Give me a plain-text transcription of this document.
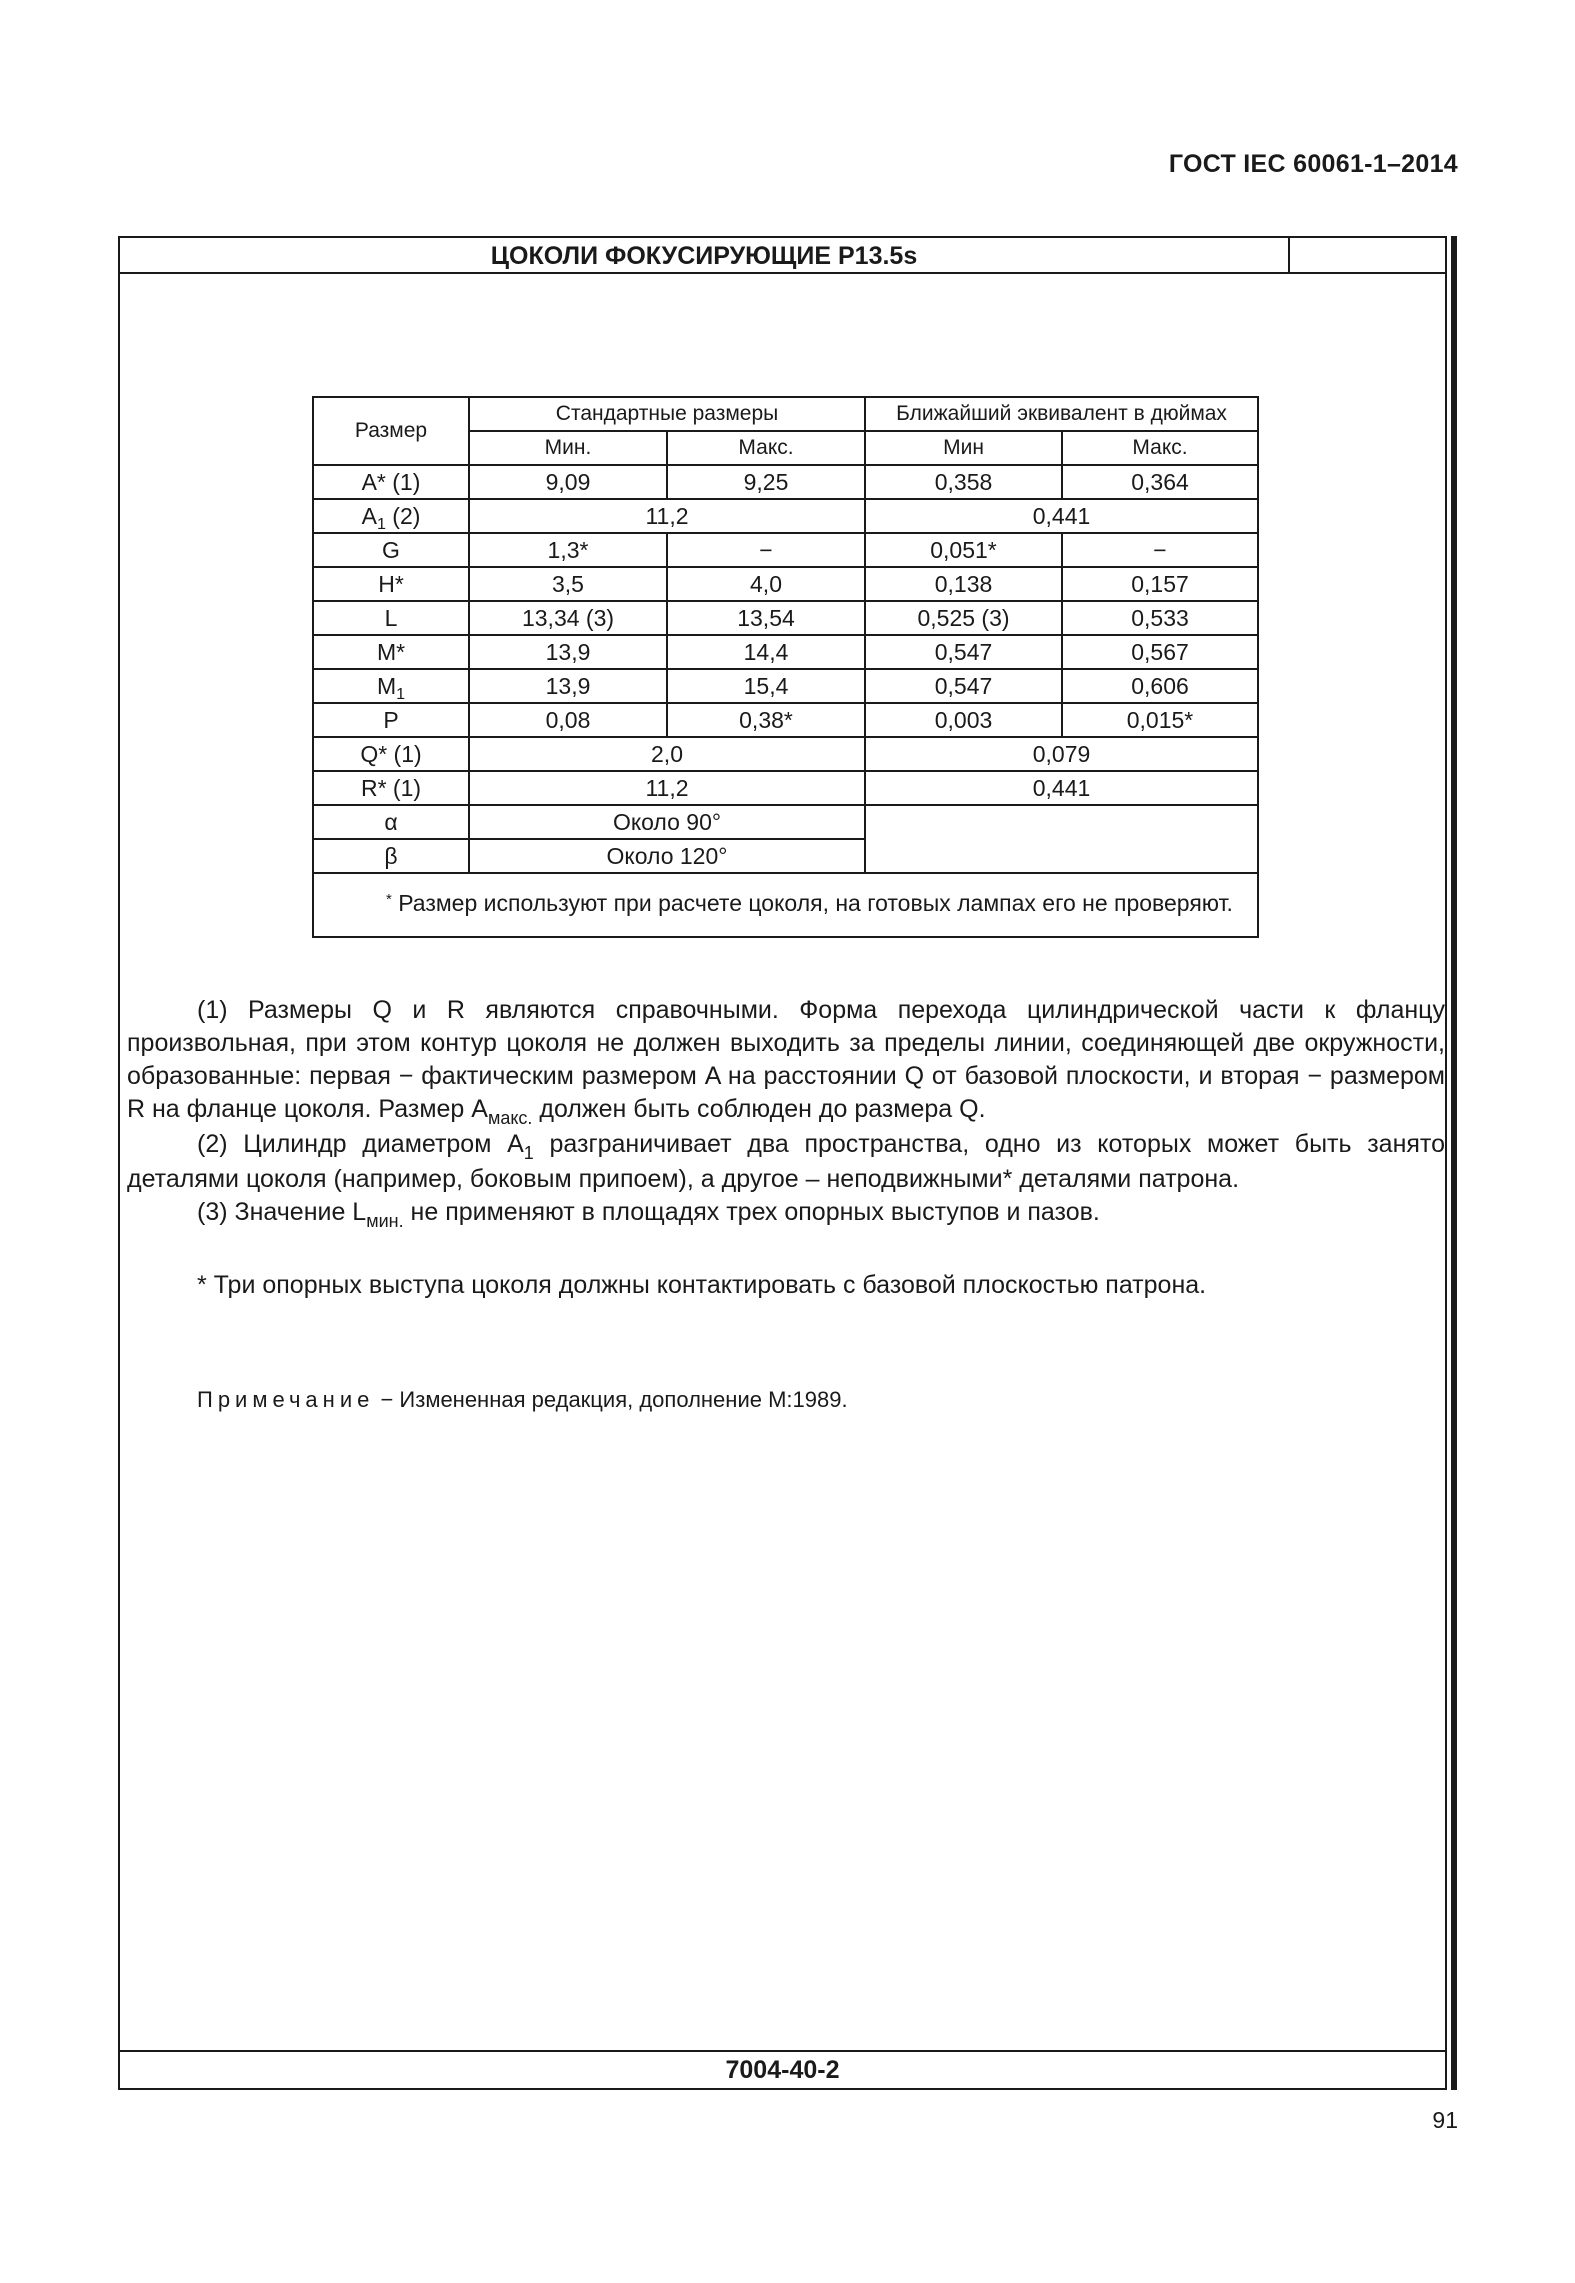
ГОСТ IEC 60061-1–2014
ЦОКОЛИ ФОКУСИРУЮЩИЕ P13.5s
7004-40-2
Размер	Стандартные размеры		Ближайший эквивалент в дюймах	
	Мин.	Макс.	Мин	Макс.
A* (1)	9,09	9,25	0,358	0,364
$A_1$ (2)	11,2		0,441	
G	1,3*	−	0,051*	−
H*	3,5	4,0	0,138	0,157
L	13,34 (3)	13,54	0,525 (3)	0,533
M*	13,9	14,4	0,547	0,567
$M_1$	13,9	15,4	0,547	0,606
P	0,08	0,38*	0,003	0,015*
Q* (1)	2,0		0,079	
R* (1)	11,2		0,441	
α	Около 90°			
β	Около 120°			
* Размер используют при расчете цоколя, на готовых лампах его не проверяют.				

(1) Размеры Q и R являются справочными. Форма перехода цилиндрической части к фланцу произвольная, при этом контур цоколя не должен выходить за пределы линии, соединяющей две окружности, образованные: первая − фактическим размером A на расстоянии Q от базовой плоскости, и вторая − размером R на фланце цоколя. Размер $A_{макс.}$ должен быть соблюден до размера Q.

(2) Цилиндр диаметром $A_1$ разграничивает два пространства, одно из которых может быть занято деталями цоколя (например, боковым припоем), а другое – неподвижными* деталями патрона.

(3) Значение $L_{мин.}$ не применяют в площадях трех опорных выступов и пазов.

* Три опорных выступа цоколя должны контактировать с базовой плоскостью патрона.
Примечание − Измененная редакция, дополнение М:1989.
91
